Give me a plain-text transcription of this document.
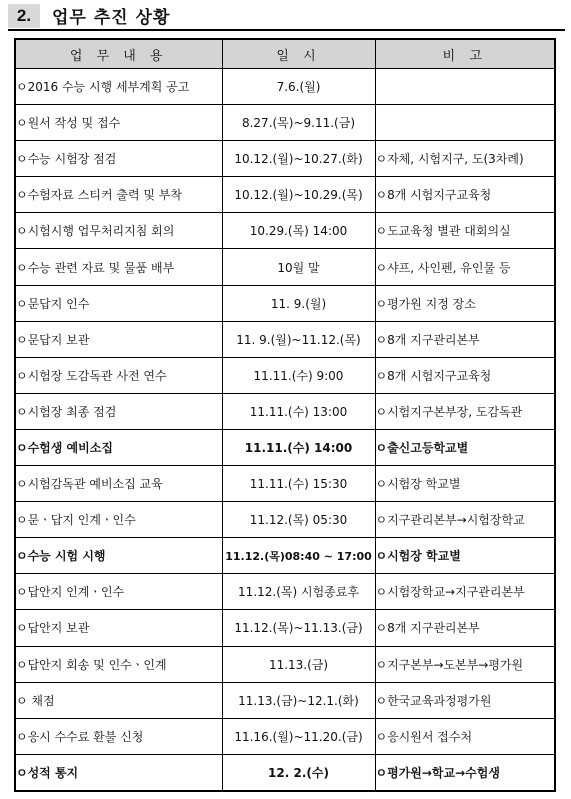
2.	업무 추진 상황
업 무 내 용	일 시	비 고
ㅇ2016 수능 시행 세부계획 공고	7.6.(월)	
ㅇ원서 작성 및 접수	8.27.(목)~9.11.(금)	
ㅇ수능 시험장 점검	10.12.(월)~10.27.(화)	ㅇ자체, 시험지구, 도(3차례)
ㅇ수험자료 스티커 출력 및 부착	10.12.(월)~10.29.(목)	ㅇ8개 시험지구교육청
ㅇ시험시행 업무처리지침 회의	10.29.(목) 14:00	ㅇ도교육청 별관 대회의실
ㅇ수능 관련 자료 및 물품 배부	10월 말	ㅇ샤프, 사인펜, 유인물 등
ㅇ문답지 인수	11. 9.(월)	ㅇ평가원 지정 장소
ㅇ문답지 보관	11. 9.(월)~11.12.(목)	ㅇ8개 지구관리본부
ㅇ시험장 도감독관 사전 연수	11.11.(수) 9:00	ㅇ8개 시험지구교육청
ㅇ시험장 최종 점검	11.11.(수) 13:00	ㅇ시험지구본부장, 도감독관
ㅇ수험생 예비소집	11.11.(수) 14:00	ㅇ출신고등학교별
ㅇ시험감독관 예비소집 교육	11.11.(수) 15:30	ㅇ시험장 학교별
ㅇ문ㆍ답지 인계ㆍ인수	11.12.(목) 05:30	ㅇ지구관리본부→시험장학교
ㅇ수능 시험 시행	11.12.(목)08:40 ~ 17:00	ㅇ시험장 학교별
ㅇ답안지 인계ㆍ인수	11.12.(목) 시험종료후	ㅇ시험장학교→지구관리본부
ㅇ답안지 보관	11.12.(목)~11.13.(금)	ㅇ8개 지구관리본부
ㅇ답안지 회송 및 인수ㆍ인계	11.13.(금)	ㅇ지구본부→도본부→평가원
ㅇ 채점	11.13.(금)~12.1.(화)	ㅇ한국교육과정평가원
ㅇ응시 수수료 환불 신청	11.16.(월)~11.20.(금)	ㅇ응시원서 접수처
ㅇ성적 통지	12. 2.(수)	ㅇ평가원→학교→수험생
